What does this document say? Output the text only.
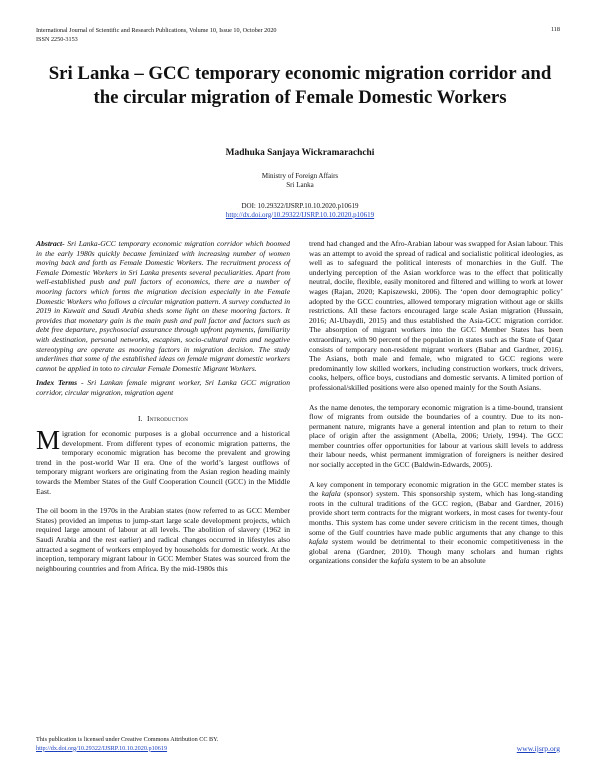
International Journal of Scientific and Research Publications, Volume 10, Issue 10, October 2020
ISSN 2250-3153
118
Sri Lanka – GCC temporary economic migration corridor and the circular migration of Female Domestic Workers
Madhuka Sanjaya Wickramarachchi
Ministry of Foreign Affairs
Sri Lanka
DOI: 10.29322/IJSRP.10.10.2020.p10619
http://dx.doi.org/10.29322/IJSRP.10.10.2020.p10619

Abstract- Sri Lanka-GCC temporary economic migration corridor which boomed in the early 1980s quickly became feminized with increasing number of women moving back and forth as Female Domestic Workers. The recruitment process of Female Domestic Workers in Sri Lanka presents several peculiarities. Apart from well-established push and pull factors of economics, there are a number of mooring factors which forms the migration decision especially in the Female Domestic Workers who follows a circular migration pattern. A survey conducted in 2019 in Kuwait and Saudi Arabia sheds some light on these mooring factors. It provides that monetary gain is the main push and pull factor and factors such as debt free departure, psychosocial assurance through upfront payments, familiarity with destination, personal networks, escapism, socio-cultural traits and negative stereotyping are operate as mooring factors in migration decision. The study underlines that some of the established ideas on female migrant domestic workers cannot be applied in toto to circular Female Domestic Migrant Workers.

Index Terms - Sri Lankan female migrant worker, Sri Lanka GCC migration corridor, circular migration, migration agent

I. Introduction

Migration for economic purposes is a global occurrence and a historical development. From different types of economic migration patterns, the temporary economic migration has become the prevalent and growing trend in the post-world War II era. One of the world’s largest outflows of temporary migrant workers are originating from the Asian region heading mainly towards the Member States of the Gulf Cooperation Council (GCC) in the Middle East.

The oil boom in the 1970s in the Arabian states (now referred to as GCC Member States) provided an impetus to jump-start large scale development projects, which required large amount of labour at all levels. The abolition of slavery (1962 in Saudi Arabia and the rest earlier) and radical changes occurred in lifestyles also attracted a segment of workers employed by households for domestic work. At the inception, temporary migrant labour in GCC Member States was sourced from the neighbouring countries and from Africa. By the mid-1980s this

trend had changed and the Afro-Arabian labour was swapped for Asian labour. This was an attempt to avoid the spread of radical and socialistic political ideologies, as well as to safeguard the political interests of monarchies in the Gulf. The underlying perception of the Asian workforce was to the effect that politically neutral, docile, flexible, easily monitored and filtered and willing to work at lower wages (Rajan, 2020; Kapiszewski, 2006). The ‘open door demographic policy’ adopted by the GCC countries, allowed temporary migration without age or skills restrictions. All these factors encouraged large scale Asian migration (Hussain, 2016; Al-Ubaydli, 2015) and thus established the Asia-GCC migration corridor. The absorption of migrant workers into the GCC Member States has been extraordinary, with 90 percent of the population in states such as the State of Qatar consists of temporary non-resident migrant workers (Babar and Gardner, 2016). The Asians, both male and female, who migrated to GCC regions were predominantly low skilled workers, including construction workers, truck drivers, cooks, helpers, office boys, custodians and domestic servants. A limited portion of professional/skilled positions were also opened mainly for the South Asians.

As the name denotes, the temporary economic migration is a time-bound, transient flow of migrants from outside the boundaries of a country. Due to its non-permanent nature, migrants have a general intention and plan to return to their place of origin after the assignment (Abella, 2006; Uriely, 1994). The GCC member countries offer opportunities for labour at various skill levels to address their labour needs, whist permanent immigration of foreigners is neither desired nor socially accepted in the GCC (Baldwin-Edwards, 2005).

A key component in temporary economic migration in the GCC member states is the kafala (sponsor) system. This sponsorship system, which has long-standing roots in the cultural traditions of the GCC region, (Babar and Gardner, 2016) provide short term contracts for the migrant workers, in most cases for twenty-four months. This system has come under severe criticism in the recent times, though some of the Gulf countries have made public arguments that any change to this kafala system would be detrimental to their economic competitiveness in the global arena (Gardner, 2010). Though many scholars and human rights organizations consider the kafala system to be an absolute

This publication is licensed under Creative Commons Attribution CC BY.
http://dx.doi.org/10.29322/IJSRP.10.10.2020.p10619	www.ijsrp.org
